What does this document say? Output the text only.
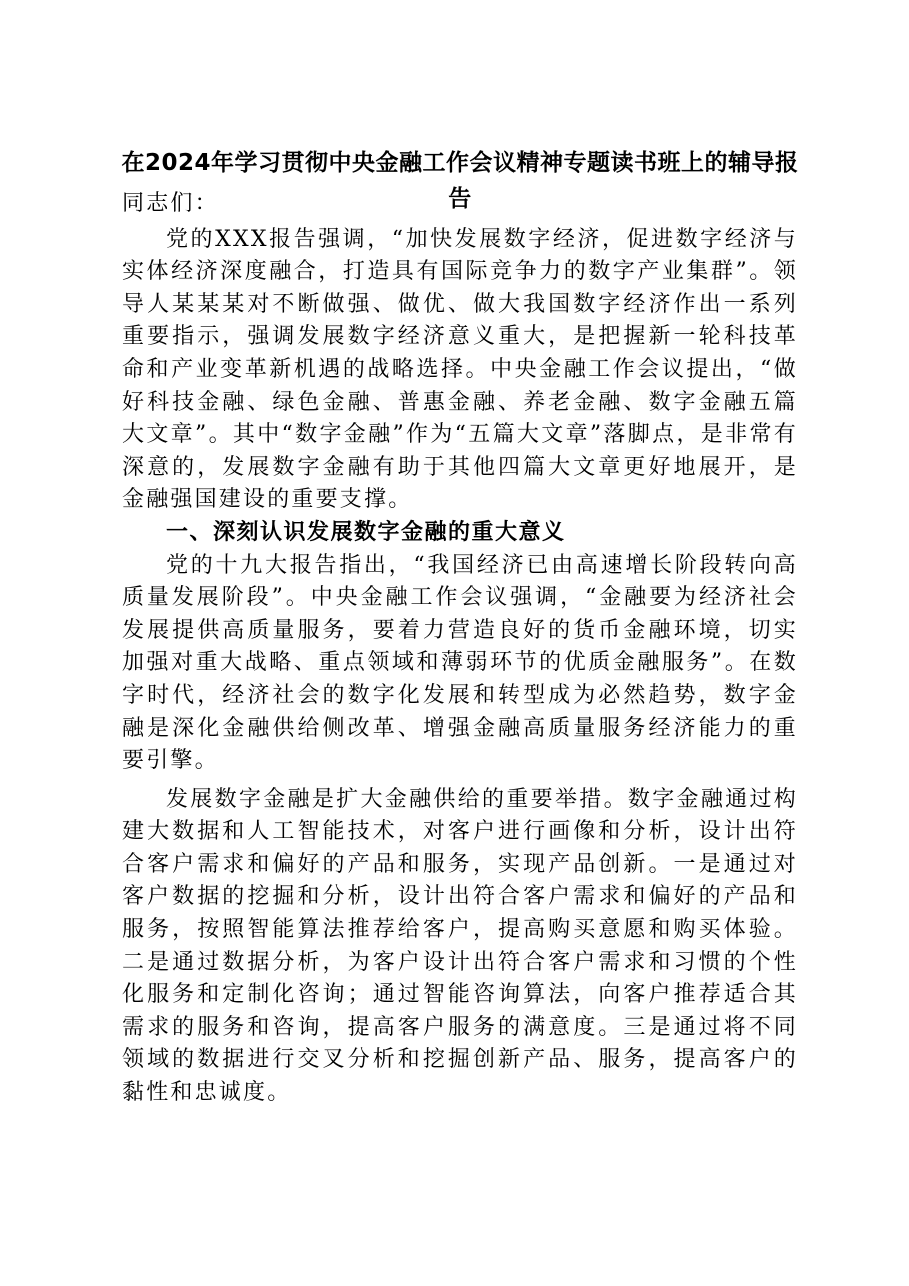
在2024年学习贯彻中央金融工作会议精神专题读书班上的辅导报告

同志们：

党的XXX报告强调，“加快发展数字经济，促进数字经济与实体经济深度融合，打造具有国际竞争力的数字产业集群”。领导人某某某对不断做强、做优、做大我国数字经济作出一系列重要指示，强调发展数字经济意义重大，是把握新一轮科技革命和产业变革新机遇的战略选择。中央金融工作会议提出，“做好科技金融、绿色金融、普惠金融、养老金融、数字金融五篇大文章”。其中“数字金融”作为“五篇大文章”落脚点，是非常有深意的，发展数字金融有助于其他四篇大文章更好地展开，是金融强国建设的重要支撑。

一、深刻认识发展数字金融的重大意义

党的十九大报告指出，“我国经济已由高速增长阶段转向高质量发展阶段”。中央金融工作会议强调，“金融要为经济社会发展提供高质量服务，要着力营造良好的货币金融环境，切实加强对重大战略、重点领域和薄弱环节的优质金融服务”。在数字时代，经济社会的数字化发展和转型成为必然趋势，数字金融是深化金融供给侧改革、增强金融高质量服务经济能力的重要引擎。

发展数字金融是扩大金融供给的重要举措。数字金融通过构建大数据和人工智能技术，对客户进行画像和分析，设计出符合客户需求和偏好的产品和服务，实现产品创新。一是通过对客户数据的挖掘和分析，设计出符合客户需求和偏好的产品和服务，按照智能算法推荐给客户，提高购买意愿和购买体验。二是通过数据分析，为客户设计出符合客户需求和习惯的个性化服务和定制化咨询；通过智能咨询算法，向客户推荐适合其需求的服务和咨询，提高客户服务的满意度。三是通过将不同领域的数据进行交叉分析和挖掘创新产品、服务，提高客户的黏性和忠诚度。
